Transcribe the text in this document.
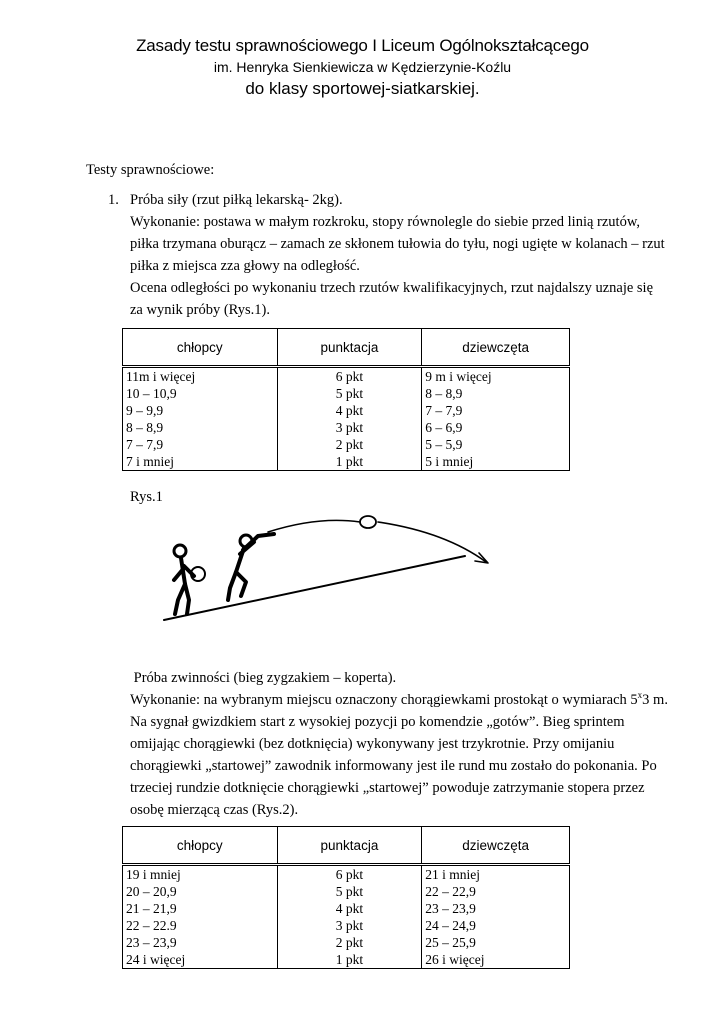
Zasady testu sprawnościowego I Liceum Ogólnokształcącego
im. Henryka Sienkiewicza w Kędzierzynie-Koźlu
do klasy sportowej-siatkarskiej.
Testy sprawnościowe:
1. Próba siły (rzut piłką lekarską- 2kg).
Wykonanie: postawa w małym rozkroku, stopy równolegle do siebie przed linią rzutów,
piłka trzymana oburącz – zamach ze skłonem tułowia do tyłu, nogi ugięte w kolanach – rzut
piłka z miejsca zza głowy na odległość.
Ocena odległości po wykonaniu trzech rzutów kwalifikacyjnych, rzut najdalszy uznaje się
za wynik próby (Rys.1).
chłopcy	punktacja	dziewczęta
11m i więcej	6 pkt	9 m i więcej
10 – 10,9	5 pkt	8 – 8,9
9 – 9,9	4 pkt	7 – 7,9
8 – 8,9	3 pkt	6 – 6,9
7 – 7,9	2 pkt	5 – 5,9
7 i mniej	1 pkt	5 i mniej
Rys.1
Próba zwinności (bieg zygzakiem – koperta).
Wykonanie: na wybranym miejscu oznaczony chorągiewkami prostokąt o wymiarach 5$^x$3 m.
Na sygnał gwizdkiem start z wysokiej pozycji po komendzie „gotów”. Bieg sprintem
omijając chorągiewki (bez dotknięcia) wykonywany jest trzykrotnie. Przy omijaniu
chorągiewki „startowej” zawodnik informowany jest ile rund mu zostało do pokonania. Po
trzeciej rundzie dotknięcie chorągiewki „startowej” powoduje zatrzymanie stopera przez
osobę mierzącą czas (Rys.2).
chłopcy	punktacja	dziewczęta
19 i mniej	6 pkt	21 i mniej
20 – 20,9	5 pkt	22 – 22,9
21 – 21,9	4 pkt	23 – 23,9
22 – 22.9	3 pkt	24 – 24,9
23 – 23,9	2 pkt	25 – 25,9
24 i więcej	1 pkt	26 i więcej
